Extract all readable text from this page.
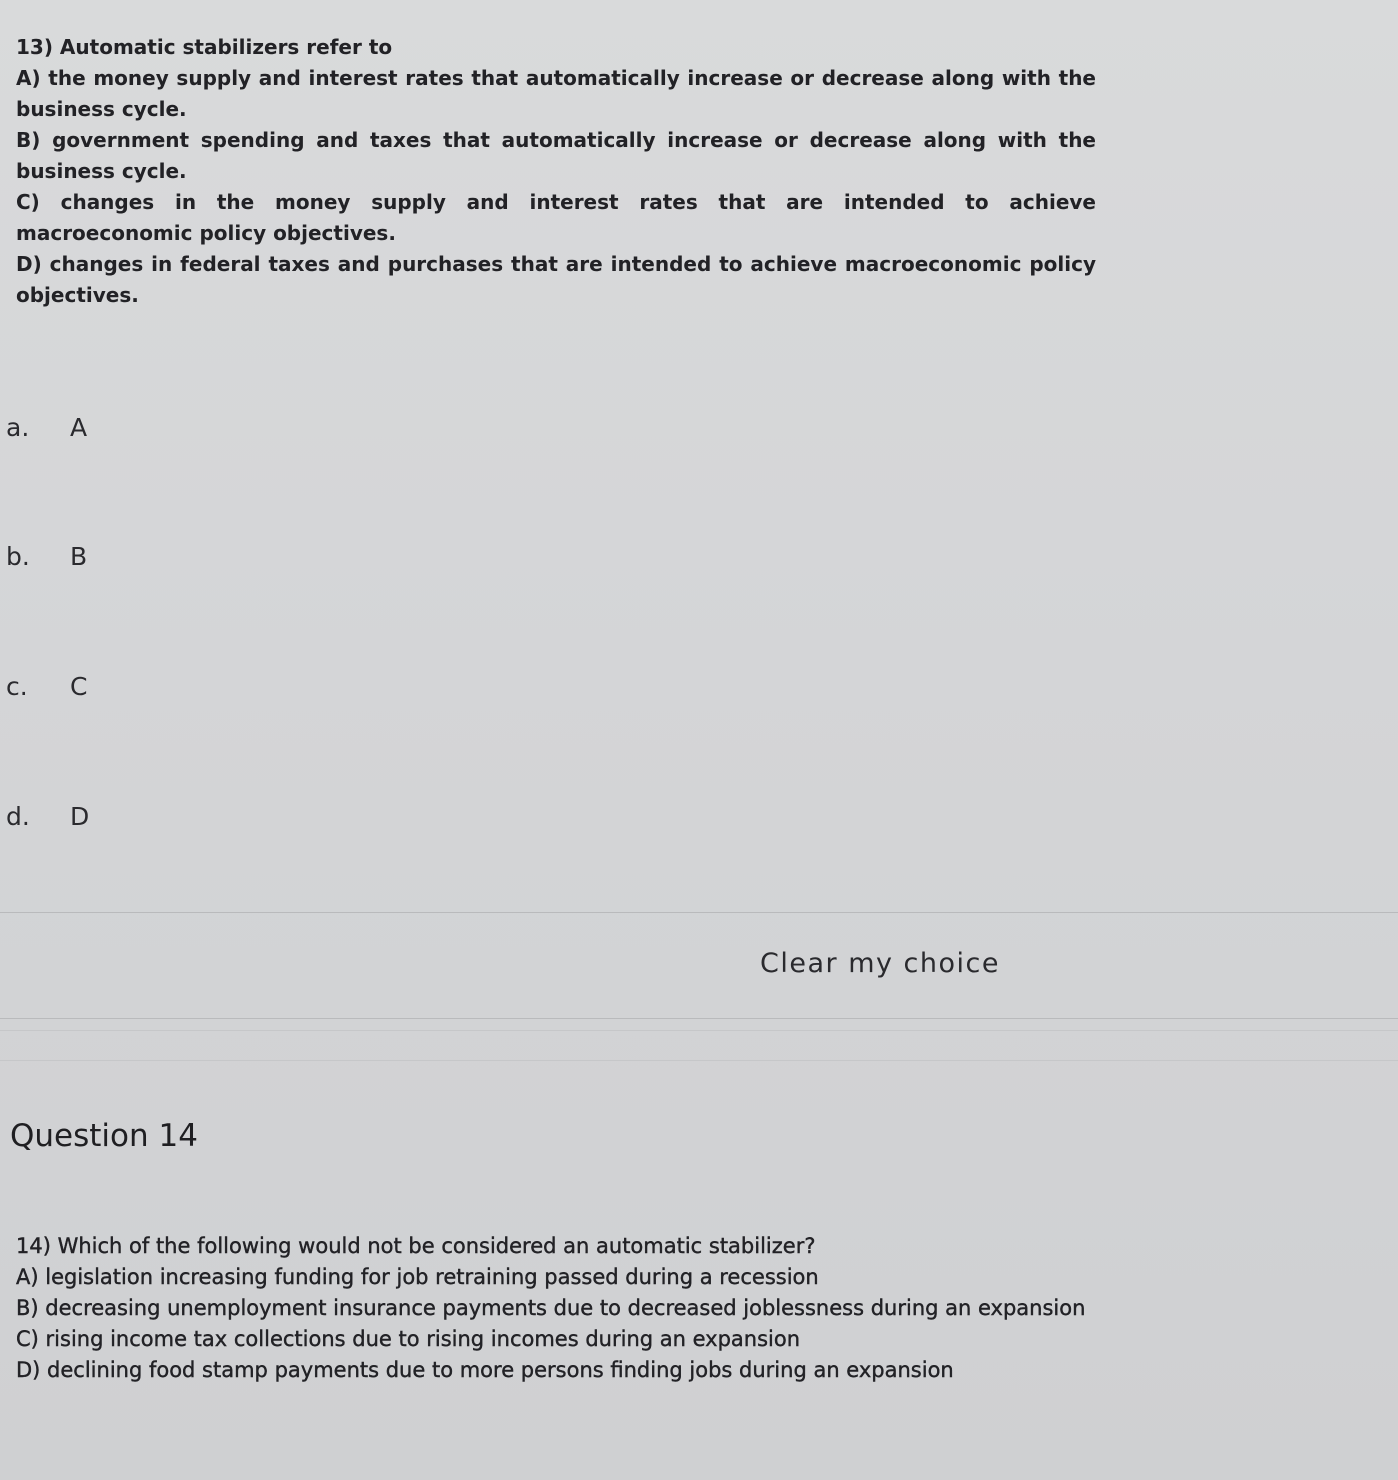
13) Automatic stabilizers refer to

A) the money supply and interest rates that automatically increase or decrease along with the business cycle.

B) government spending and taxes that automatically increase or decrease along with the business cycle.

C) changes in the money supply and interest rates that are intended to achieve macroeconomic policy objectives.

D) changes in federal taxes and purchases that are intended to achieve macroeconomic policy objectives.

a.	A
b.	B
c.	C
d.	D
Clear my choice
Question 14

14) Which of the following would not be considered an automatic stabilizer?

A) legislation increasing funding for job retraining passed during a recession

B) decreasing unemployment insurance payments due to decreased joblessness during an expansion

C) rising income tax collections due to rising incomes during an expansion

D) declining food stamp payments due to more persons finding jobs during an expansion
